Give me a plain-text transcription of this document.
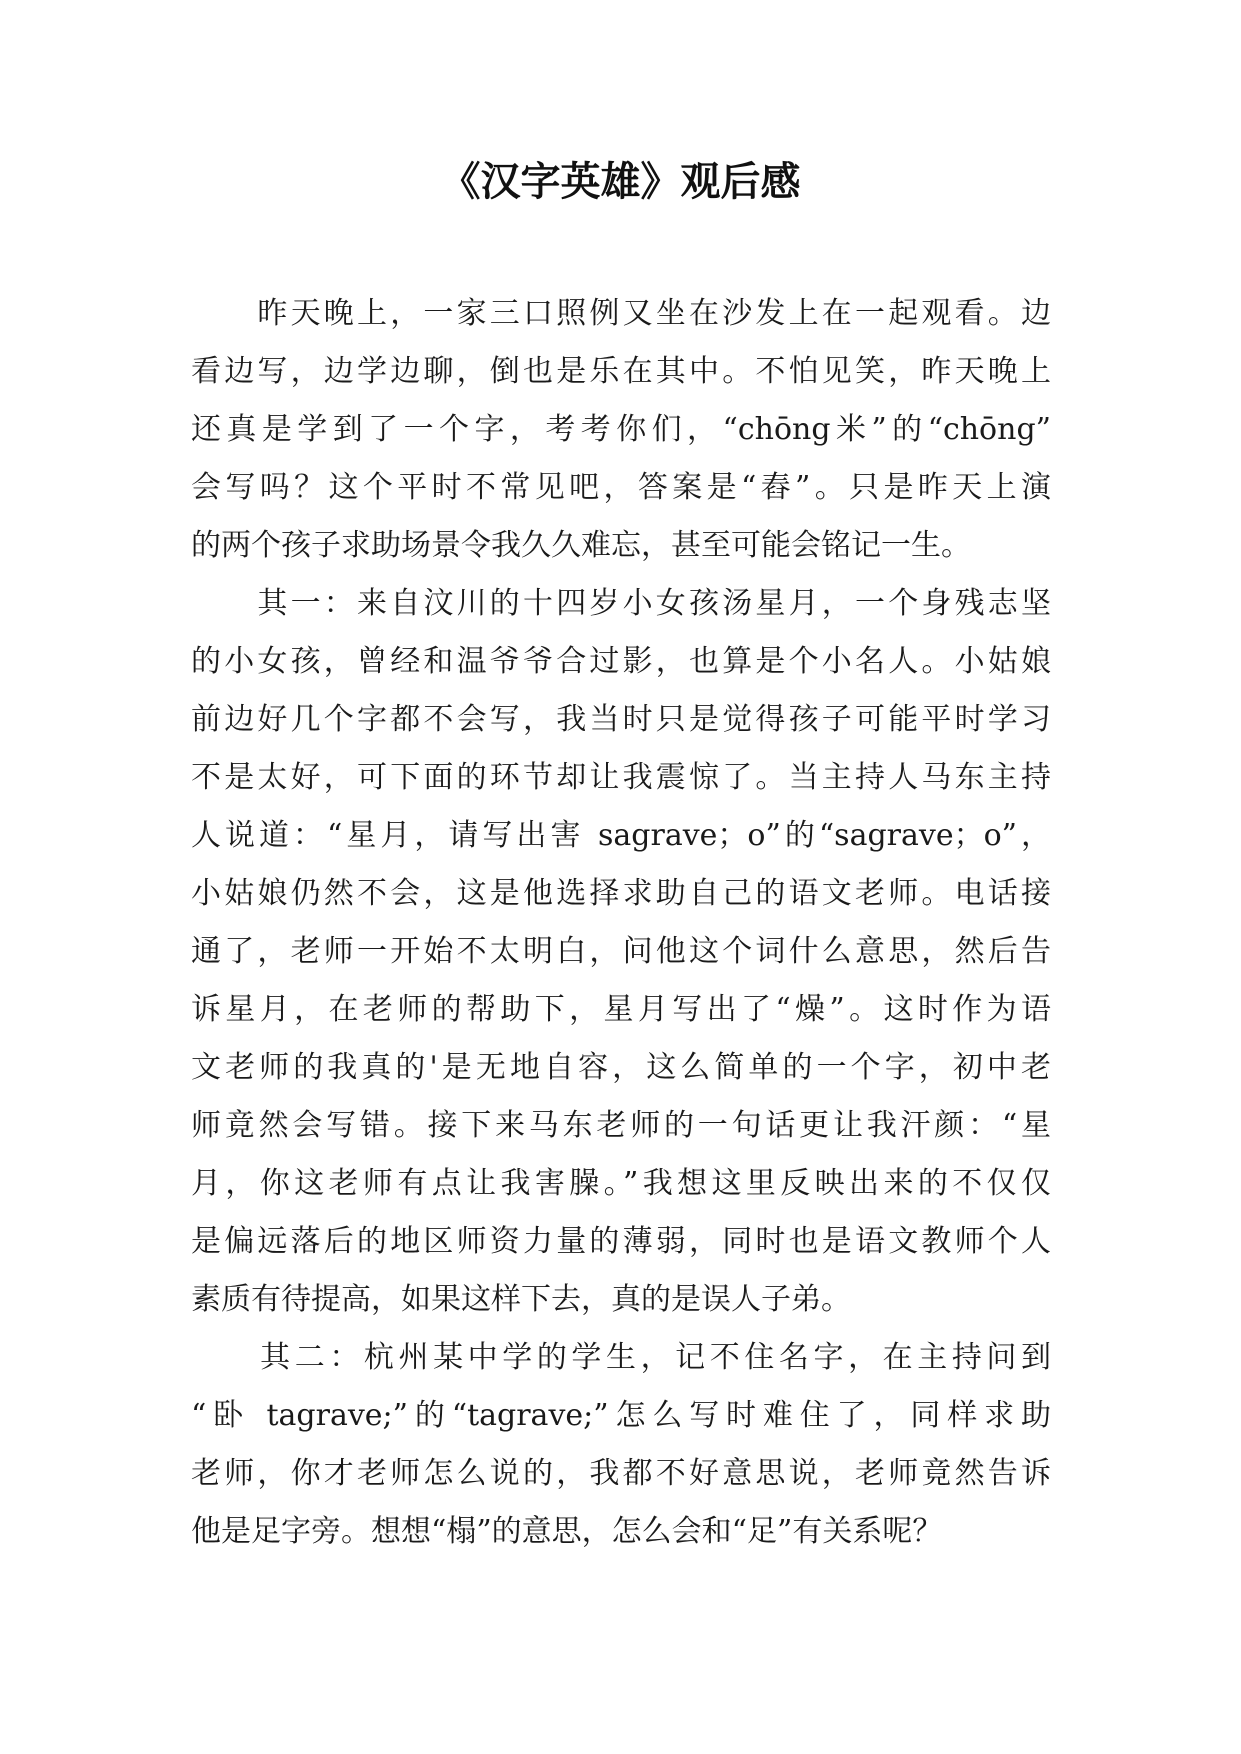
《汉字英雄》观后感
　　昨天晚上，一家三口照例又坐在沙发上在一起观看。边
看边写，边学边聊，倒也是乐在其中。不怕见笑，昨天晚上
还真是学到了一个字，考考你们，“chōng米”的“chōng”
会写吗？这个平时不常见吧，答案是“舂”。只是昨天上演
的两个孩子求助场景令我久久难忘，甚至可能会铭记一生。
　　其一：来自汶川的十四岁小女孩汤星月，一个身残志坚
的小女孩，曾经和温爷爷合过影，也算是个小名人。小姑娘
前边好几个字都不会写，我当时只是觉得孩子可能平时学习
不是太好，可下面的环节却让我震惊了。当主持人马东主持
人说道：“星月，请写出害 sagrave；o”的“sagrave；o”，
小姑娘仍然不会，这是他选择求助自己的语文老师。电话接
通了，老师一开始不太明白，问他这个词什么意思，然后告
诉星月，在老师的帮助下，星月写出了“燥”。这时作为语
文老师的我真的'是无地自容，这么简单的一个字，初中老
师竟然会写错。接下来马东老师的一句话更让我汗颜：“星
月，你这老师有点让我害臊。”我想这里反映出来的不仅仅
是偏远落后的地区师资力量的薄弱，同时也是语文教师个人
素质有待提高，如果这样下去，真的是误人子弟。
　　其二：杭州某中学的学生，记不住名字，在主持问到
“卧 tagrave;”的“tagrave;”怎么写时难住了，同样求助
老师，你才老师怎么说的，我都不好意思说，老师竟然告诉
他是足字旁。想想“榻”的意思，怎么会和“足”有关系呢？
